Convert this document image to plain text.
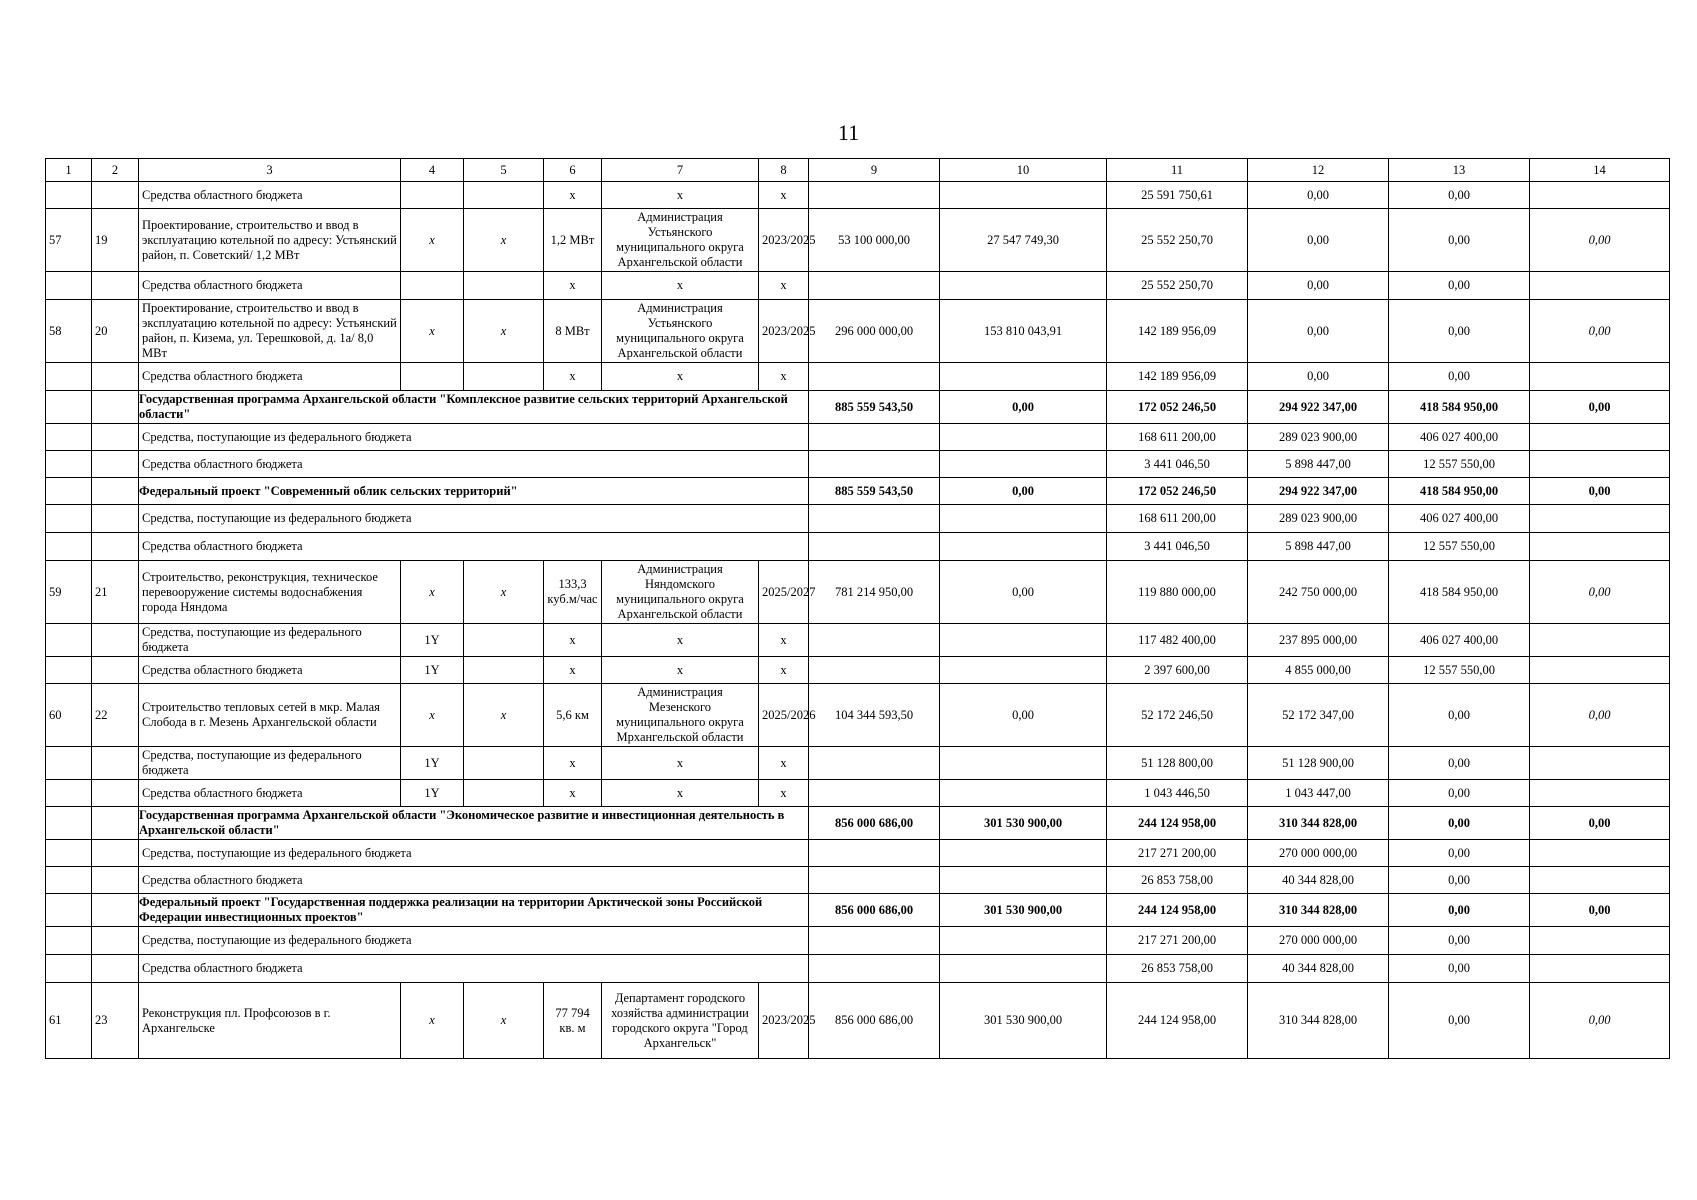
11
1	2	3	4	5	6	7	8	9	10	11	12	13	14
		Средства областного бюджета			x	x	x			25 591 750,61	0,00	0,00	
57	19	Проектирование, строительство и ввод в эксплуатацию котельной по адресу: Устьянский район, п. Советский/ 1,2 МВт	x	x	1,2 МВт	Администрация Устьянского муниципального округа Архангельской области	2023/2025	53 100 000,00	27 547 749,30	25 552 250,70	0,00	0,00	0,00
		Средства областного бюджета			x	x	x			25 552 250,70	0,00	0,00	
58	20	Проектирование, строительство и ввод в эксплуатацию котельной по адресу: Устьянский район, п. Кизема, ул. Терешковой, д. 1а/ 8,0 МВт	x	x	8 МВт	Администрация Устьянского муниципального округа Архангельской области	2023/2025	296 000 000,00	153 810 043,91	142 189 956,09	0,00	0,00	0,00
		Средства областного бюджета			x	x	x			142 189 956,09	0,00	0,00	
		Государственная программа Архангельской области "Комплексное развитие сельских территорий Архангельской области"						885 559 543,50	0,00	172 052 246,50	294 922 347,00	418 584 950,00	0,00
		Средства, поступающие из федерального бюджета								168 611 200,00	289 023 900,00	406 027 400,00	
		Средства областного бюджета								3 441 046,50	5 898 447,00	12 557 550,00	
		Федеральный проект "Современный облик сельских территорий"						885 559 543,50	0,00	172 052 246,50	294 922 347,00	418 584 950,00	0,00
		Средства, поступающие из федерального бюджета								168 611 200,00	289 023 900,00	406 027 400,00	
		Средства областного бюджета								3 441 046,50	5 898 447,00	12 557 550,00	
59	21	Строительство, реконструкция, техническое перевооружение системы водоснабжения города Няндома	x	x	133,3 куб.м/час	Администрация Няндомского муниципального округа Архангельской области	2025/2027	781 214 950,00	0,00	119 880 000,00	242 750 000,00	418 584 950,00	0,00
		Средства, поступающие из федерального бюджета	1Y		x	x	x			117 482 400,00	237 895 000,00	406 027 400,00	
		Средства областного бюджета	1Y		x	x	x			2 397 600,00	4 855 000,00	12 557 550,00	
60	22	Строительство тепловых сетей в мкр. Малая Слобода в г. Мезень Архангельской области	x	x	5,6 км	Администрация Мезенского муниципального округа Мрхангельской области	2025/2026	104 344 593,50	0,00	52 172 246,50	52 172 347,00	0,00	0,00
		Средства, поступающие из федерального бюджета	1Y		x	x	x			51 128 800,00	51 128 900,00	0,00	
		Средства областного бюджета	1Y		x	x	x			1 043 446,50	1 043 447,00	0,00	
		Государственная программа Архангельской области "Экономическое развитие и инвестиционная деятельность в Архангельской области"						856 000 686,00	301 530 900,00	244 124 958,00	310 344 828,00	0,00	0,00
		Средства, поступающие из федерального бюджета								217 271 200,00	270 000 000,00	0,00	
		Средства областного бюджета								26 853 758,00	40 344 828,00	0,00	
		Федеральный проект "Государственная поддержка реализации на территории Арктической зоны Российской Федерации инвестиционных проектов"						856 000 686,00	301 530 900,00	244 124 958,00	310 344 828,00	0,00	0,00
		Средства, поступающие из федерального бюджета								217 271 200,00	270 000 000,00	0,00	
		Средства областного бюджета								26 853 758,00	40 344 828,00	0,00	
61	23	Реконструкция пл. Профсоюзов в г. Архангельске	x	x	77 794 кв. м	Департамент городского хозяйства администрации городского округа "Город Архангельск"	2023/2025	856 000 686,00	301 530 900,00	244 124 958,00	310 344 828,00	0,00	0,00
